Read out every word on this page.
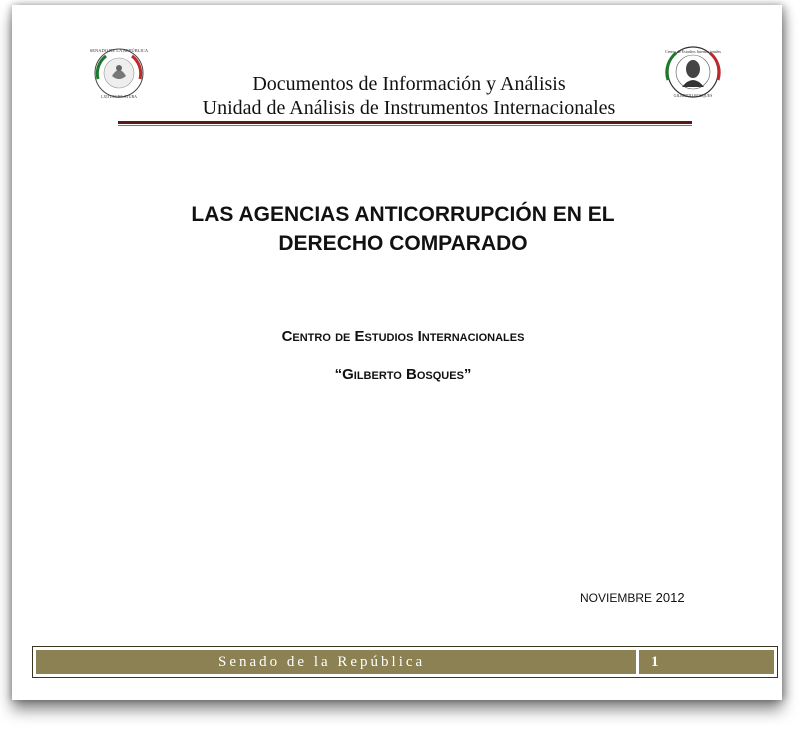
SENADO DE LA REPÚBLICA
LXII LEGISLATURA
Centro de Estudios Internacionales
GILBERTO BOSQUES
Documentos de Información y Análisis
Unidad de Análisis de Instrumentos Internacionales
LAS AGENCIAS ANTICORRUPCIÓN EN EL
DERECHO COMPARADO
Centro de Estudios Internacionales
“Gilberto Bosques”
NOVIEMBRE 2012
Senado de la República	1
